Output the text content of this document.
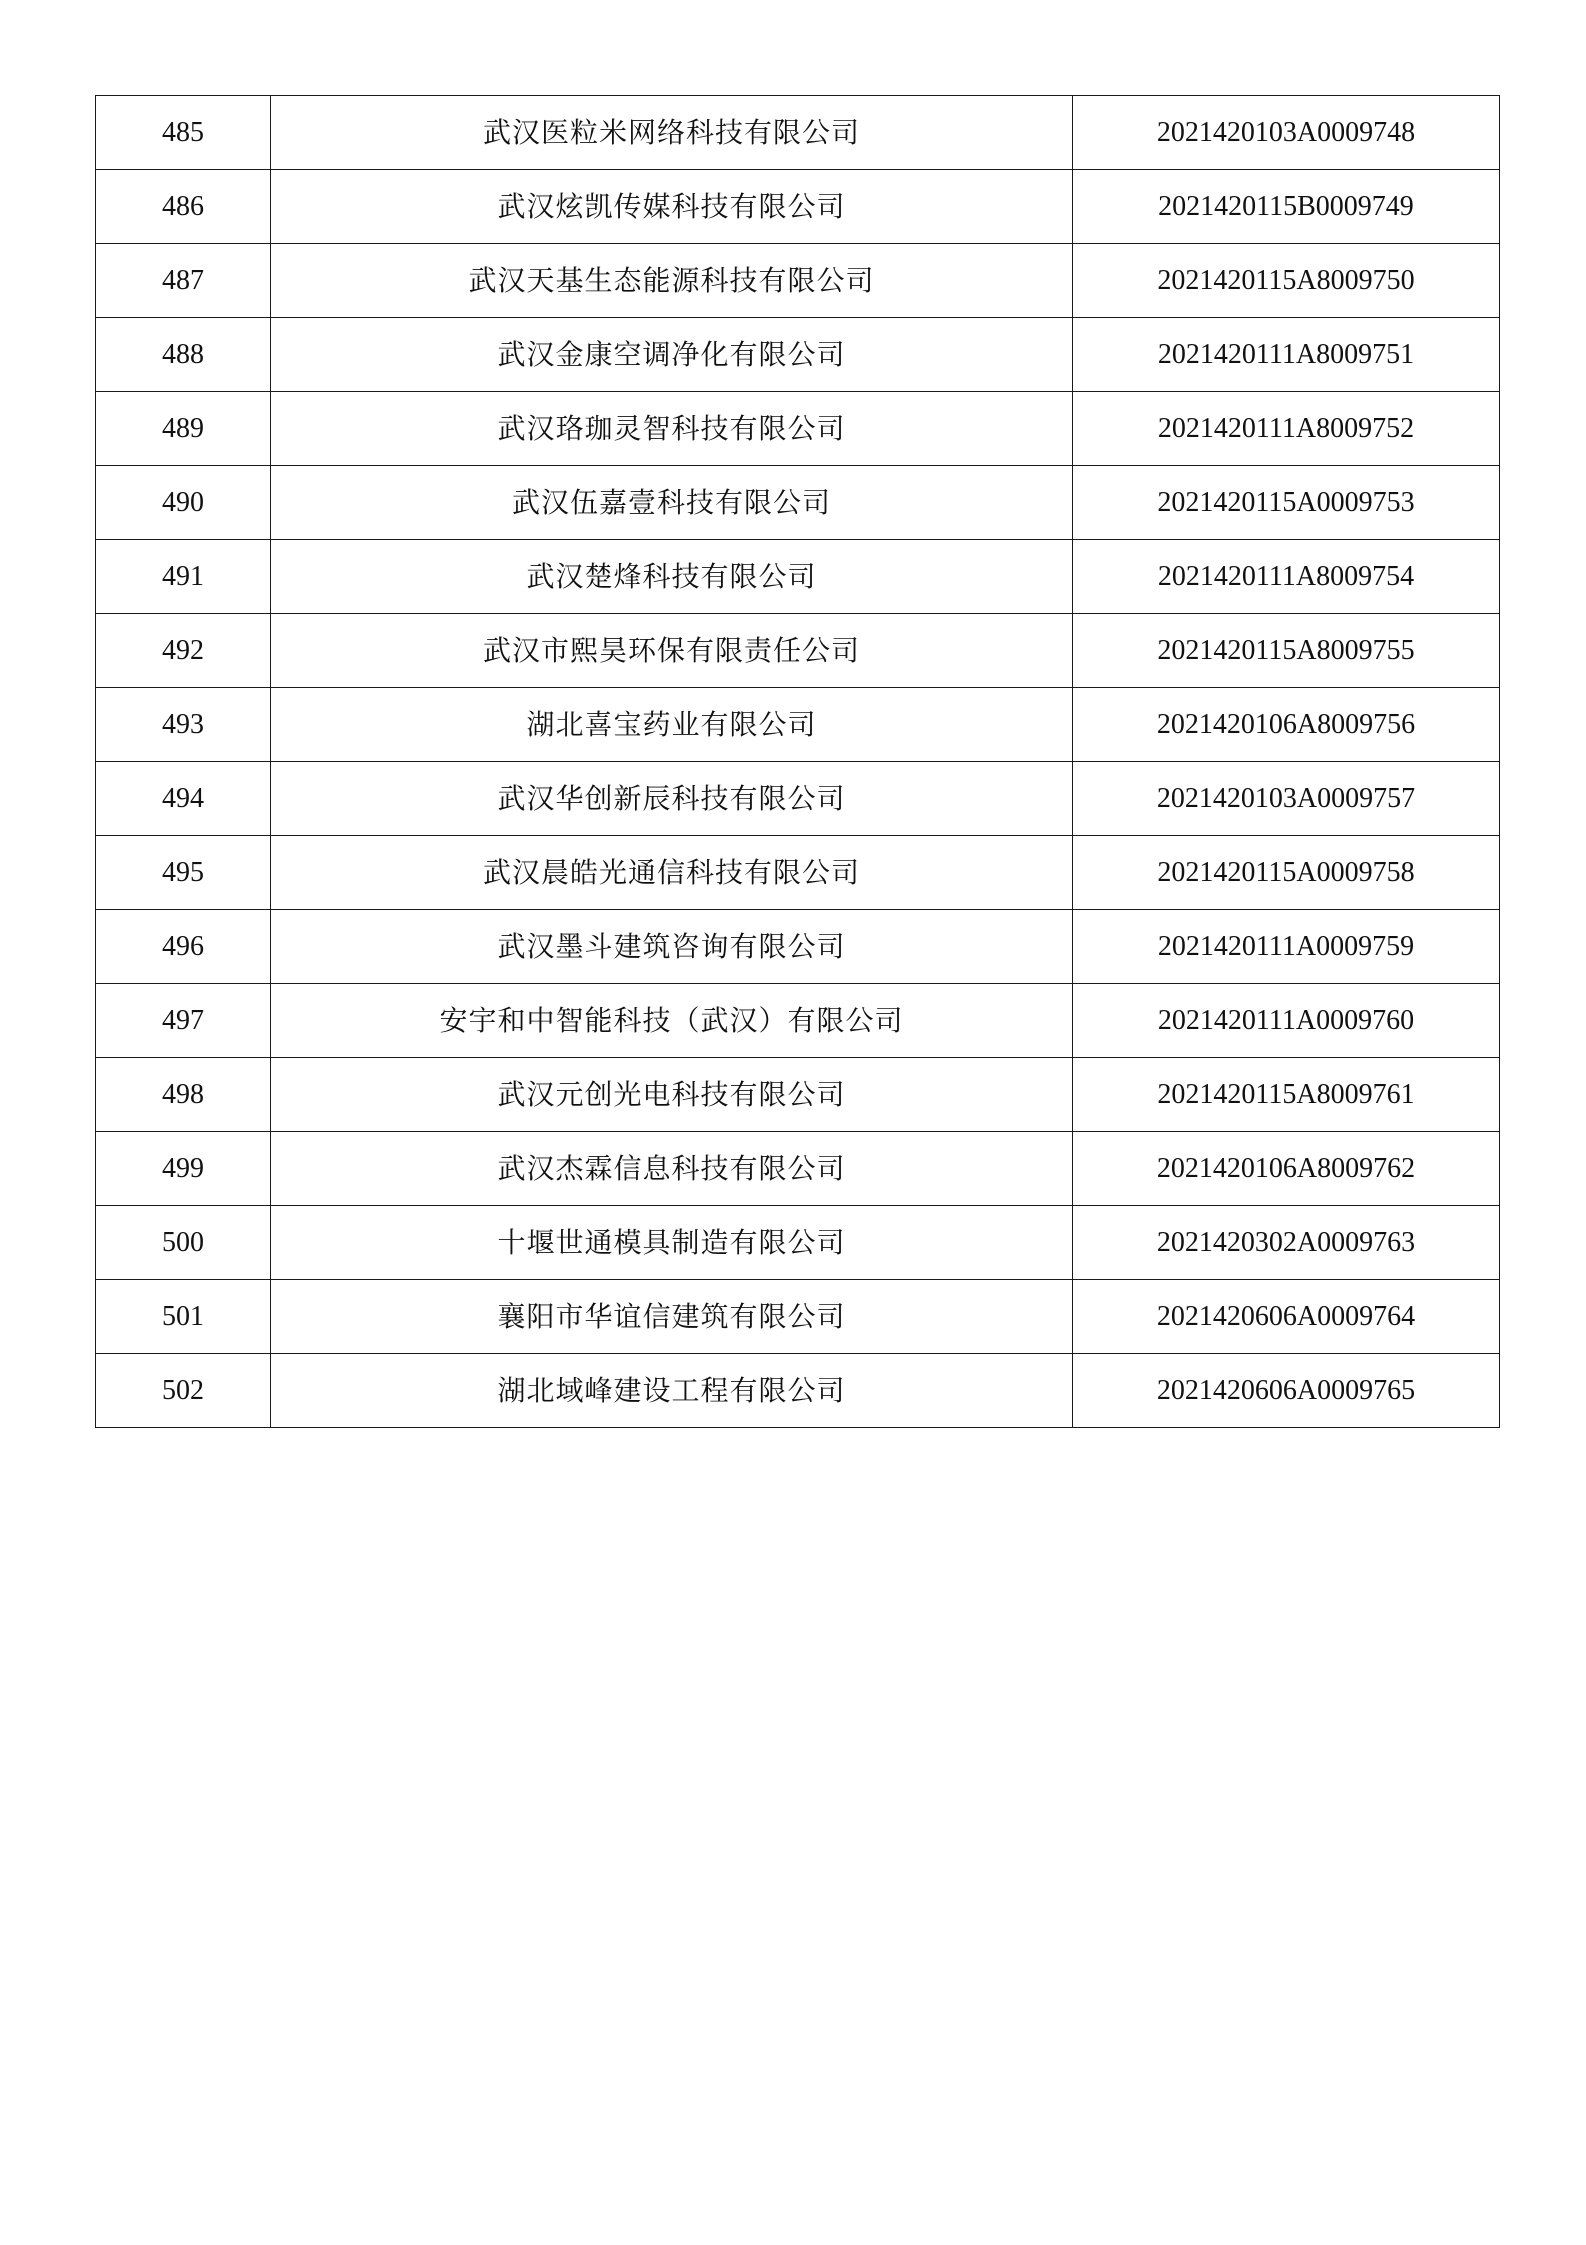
485	武汉医粒米网络科技有限公司	2021420103A0009748
486	武汉炫凯传媒科技有限公司	2021420115B0009749
487	武汉天基生态能源科技有限公司	2021420115A8009750
488	武汉金康空调净化有限公司	2021420111A8009751
489	武汉珞珈灵智科技有限公司	2021420111A8009752
490	武汉伍嘉壹科技有限公司	2021420115A0009753
491	武汉楚烽科技有限公司	2021420111A8009754
492	武汉市熙昊环保有限责任公司	2021420115A8009755
493	湖北喜宝药业有限公司	2021420106A8009756
494	武汉华创新辰科技有限公司	2021420103A0009757
495	武汉晨皓光通信科技有限公司	2021420115A0009758
496	武汉墨斗建筑咨询有限公司	2021420111A0009759
497	安宇和中智能科技（武汉）有限公司	2021420111A0009760
498	武汉元创光电科技有限公司	2021420115A8009761
499	武汉杰霖信息科技有限公司	2021420106A8009762
500	十堰世通模具制造有限公司	2021420302A0009763
501	襄阳市华谊信建筑有限公司	2021420606A0009764
502	湖北域峰建设工程有限公司	2021420606A0009765
